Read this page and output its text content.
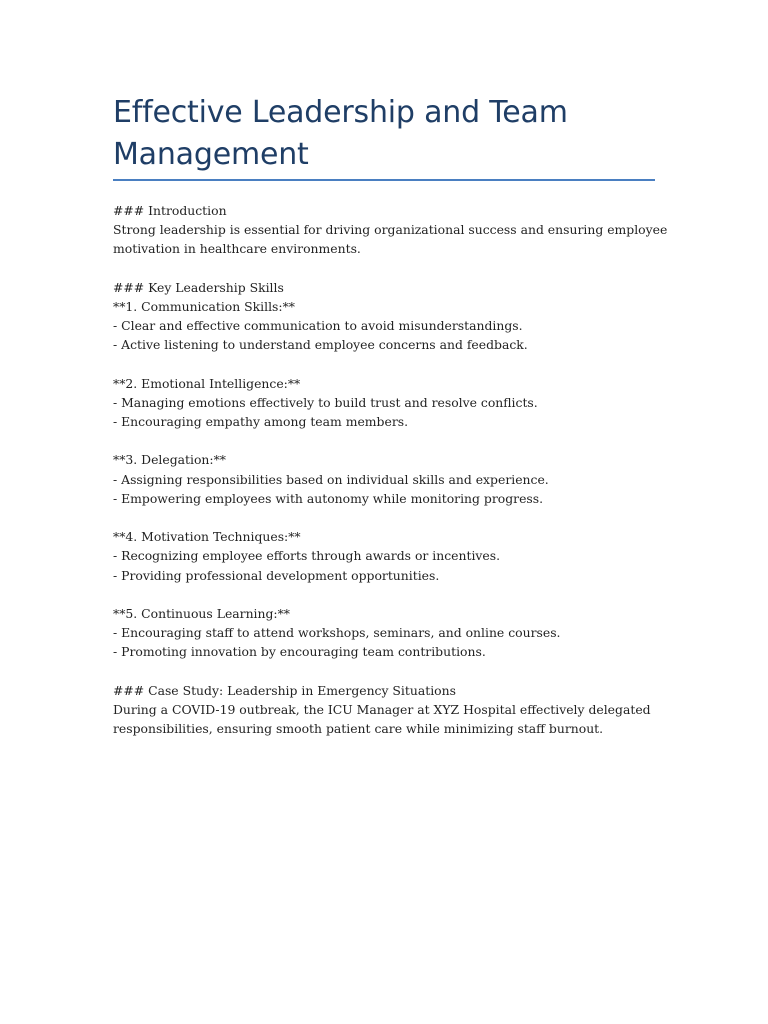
Effective Leadership and Team
Management
### Introduction
Strong leadership is essential for driving organizational success and ensuring employee
motivation in healthcare environments.
### Key Leadership Skills
**1. Communication Skills:**
- Clear and effective communication to avoid misunderstandings.
- Active listening to understand employee concerns and feedback.
**2. Emotional Intelligence:**
- Managing emotions effectively to build trust and resolve conflicts.
- Encouraging empathy among team members.
**3. Delegation:**
- Assigning responsibilities based on individual skills and experience.
- Empowering employees with autonomy while monitoring progress.
**4. Motivation Techniques:**
- Recognizing employee efforts through awards or incentives.
- Providing professional development opportunities.
**5. Continuous Learning:**
- Encouraging staff to attend workshops, seminars, and online courses.
- Promoting innovation by encouraging team contributions.
### Case Study: Leadership in Emergency Situations
During a COVID-19 outbreak, the ICU Manager at XYZ Hospital effectively delegated
responsibilities, ensuring smooth patient care while minimizing staff burnout.
